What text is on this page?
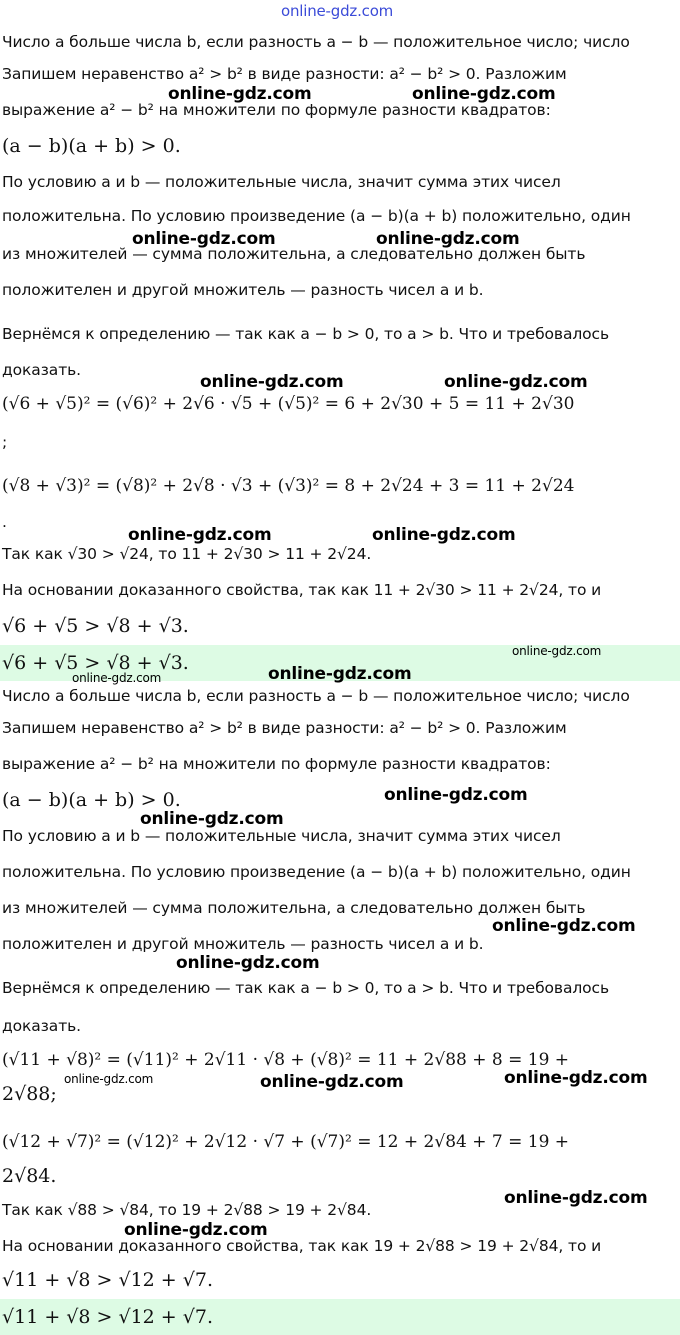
online-gdz.com
Число a больше числа b, если разность a − b — положительное число; число
Запишем неравенство a² > b² в виде разности: a² − b² > 0. Разложим
выражение a² − b² на множители по формуле разности квадратов:
(a − b)(a + b) > 0.
По условию a и b — положительные числа, значит сумма этих чисел
положительна. По условию произведение (a − b)(a + b) положительно, один
из множителей — сумма положительна, а следовательно должен быть
положителен и другой множитель — разность чисел a и b.
Вернёмся к определению — так как a − b > 0, то a > b. Что и требовалось
доказать.
(√6 + √5)² = (√6)² + 2√6 · √5 + (√5)² = 6 + 2√30 + 5 = 11 + 2√30
;
(√8 + √3)² = (√8)² + 2√8 · √3 + (√3)² = 8 + 2√24 + 3 = 11 + 2√24
.
Так как √30 > √24, то 11 + 2√30 > 11 + 2√24.
На основании доказанного свойства, так как 11 + 2√30 > 11 + 2√24, то и
√6 + √5 > √8 + √3.
√6 + √5 > √8 + √3.
Число a больше числа b, если разность a − b — положительное число; число
Запишем неравенство a² > b² в виде разности: a² − b² > 0. Разложим
выражение a² − b² на множители по формуле разности квадратов:
(a − b)(a + b) > 0.
По условию a и b — положительные числа, значит сумма этих чисел
положительна. По условию произведение (a − b)(a + b) положительно, один
из множителей — сумма положительна, а следовательно должен быть
положителен и другой множитель — разность чисел a и b.
Вернёмся к определению — так как a − b > 0, то a > b. Что и требовалось
доказать.
(√11 + √8)² = (√11)² + 2√11 · √8 + (√8)² = 11 + 2√88 + 8 = 19 +
2√88;
(√12 + √7)² = (√12)² + 2√12 · √7 + (√7)² = 12 + 2√84 + 7 = 19 +
2√84.
Так как √88 > √84, то 19 + 2√88 > 19 + 2√84.
На основании доказанного свойства, так как 19 + 2√88 > 19 + 2√84, то и
√11 + √8 > √12 + √7.
√11 + √8 > √12 + √7.
online-gdz.com	online-gdz.com
online-gdz.com	online-gdz.com
online-gdz.com	online-gdz.com
online-gdz.com	online-gdz.com
online-gdz.com
online-gdz.com
online-gdz.com
online-gdz.com
online-gdz.com
online-gdz.com
online-gdz.com
online-gdz.com	online-gdz.com	online-gdz.com
online-gdz.com
online-gdz.com
